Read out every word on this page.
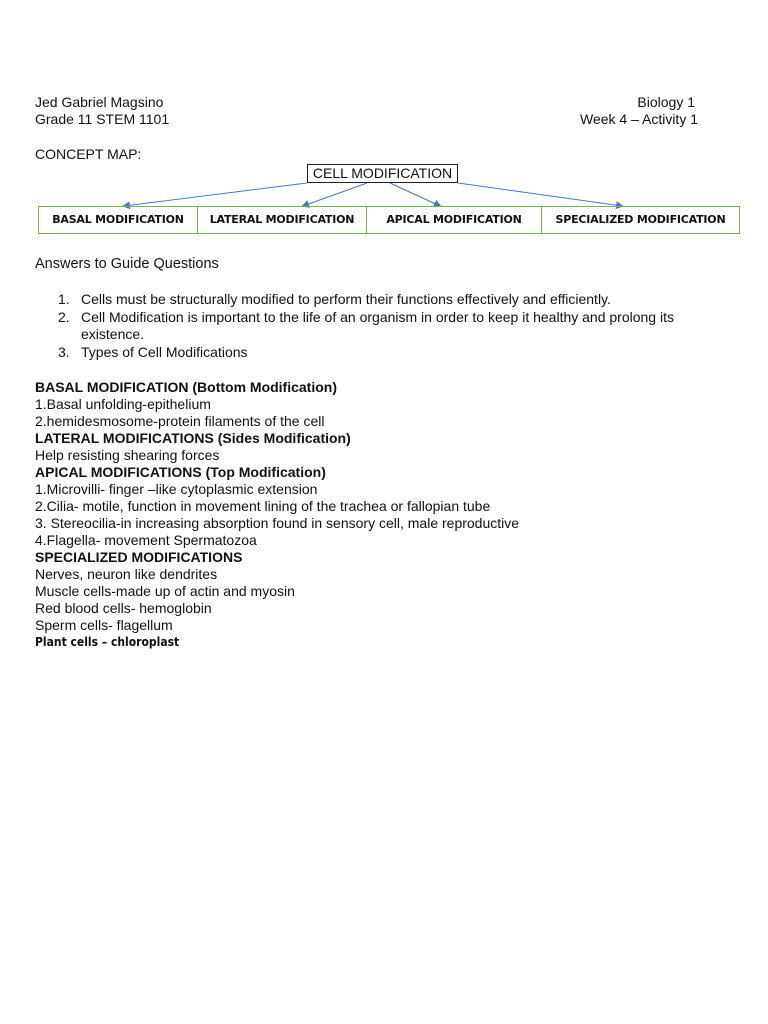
Jed Gabriel Magsino
Grade 11 STEM 1101
Biology 1
Week 4 – Activity 1
CONCEPT MAP:
CELL MODIFICATION
BASAL MODIFICATION	LATERAL MODIFICATION	APICAL MODIFICATION	SPECIALIZED MODIFICATION
Answers to Guide Questions
1. Cells must be structurally modified to perform their functions effectively and efficiently.
2. Cell Modification is important to the life of an organism in order to keep it healthy and prolong its
existence.
3. Types of Cell Modifications
BASAL MODIFICATION (Bottom Modification)
1.Basal unfolding-epithelium
2.hemidesmosome-protein filaments of the cell
LATERAL MODIFICATIONS (Sides Modification)
Help resisting shearing forces
APICAL MODIFICATIONS (Top Modification)
1.Microvilli- finger –like cytoplasmic extension
2.Cilia- motile, function in movement lining of the trachea or fallopian tube
3. Stereocilia-in increasing absorption found in sensory cell, male reproductive
4.Flagella- movement Spermatozoa
SPECIALIZED MODIFICATIONS
Nerves, neuron like dendrites
Muscle cells-made up of actin and myosin
Red blood cells- hemoglobin
Sperm cells- flagellum
Plant cells – chloroplast
